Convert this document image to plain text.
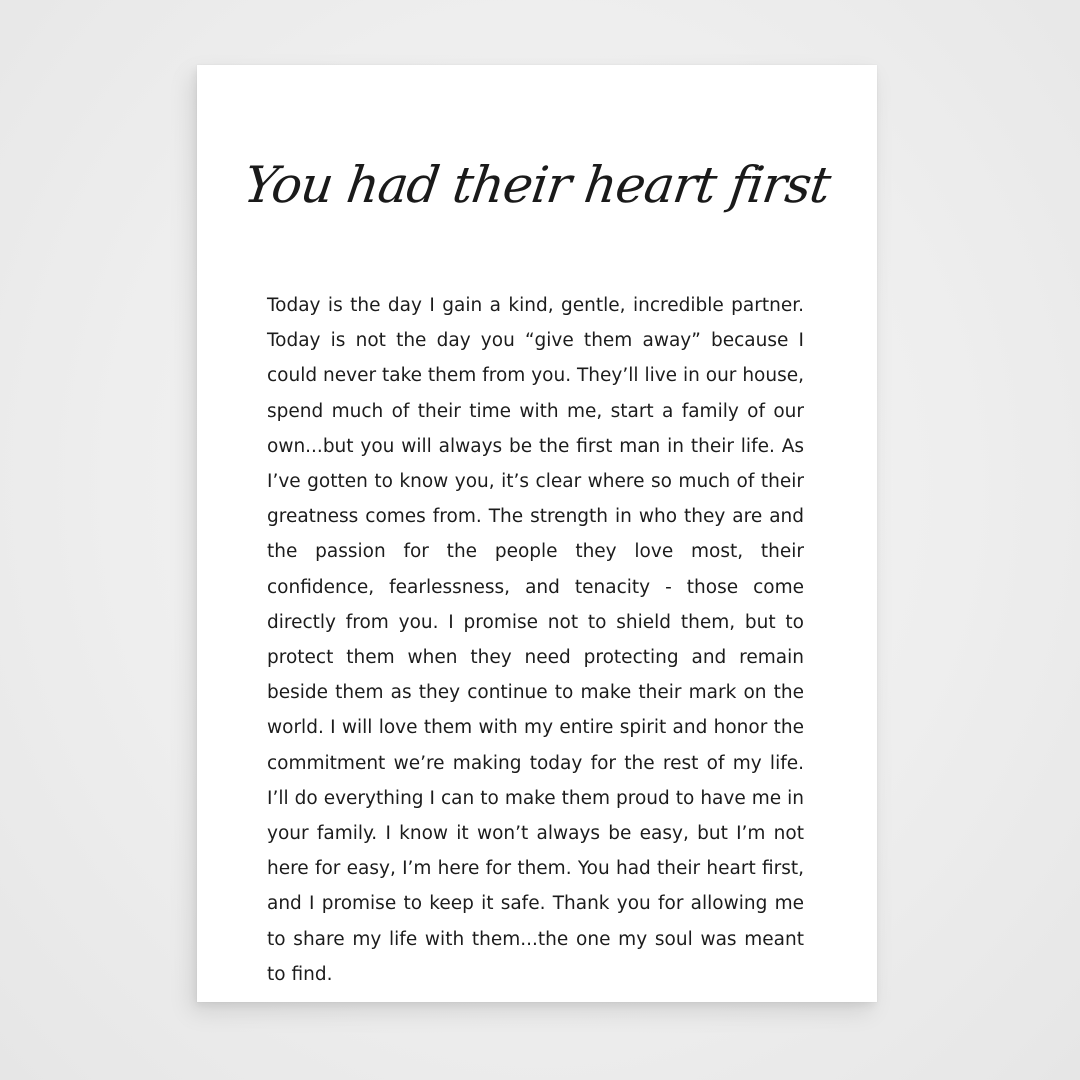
You had their heart first

Today is the day I gain a kind, gentle, incredible partner. Today is not the day you “give them away” because I could never take them from you. They’ll live in our house, spend much of their time with me, start a family of our own...but you will always be the first man in their life. As I’ve gotten to know you, it’s clear where so much of their greatness comes from. The strength in who they are and the passion for the people they love most, their confidence, fearlessness, and tenacity - those come directly from you. I promise not to shield them, but to protect them when they need protecting and remain beside them as they continue to make their mark on the world. I will love them with my entire spirit and honor the commitment we’re making today for the rest of my life. I’ll do everything I can to make them proud to have me in your family. I know it won’t always be easy, but I’m not here for easy, I’m here for them. You had their heart first, and I promise to keep it safe. Thank you for allowing me to share my life with them...the one my soul was meant to find.
